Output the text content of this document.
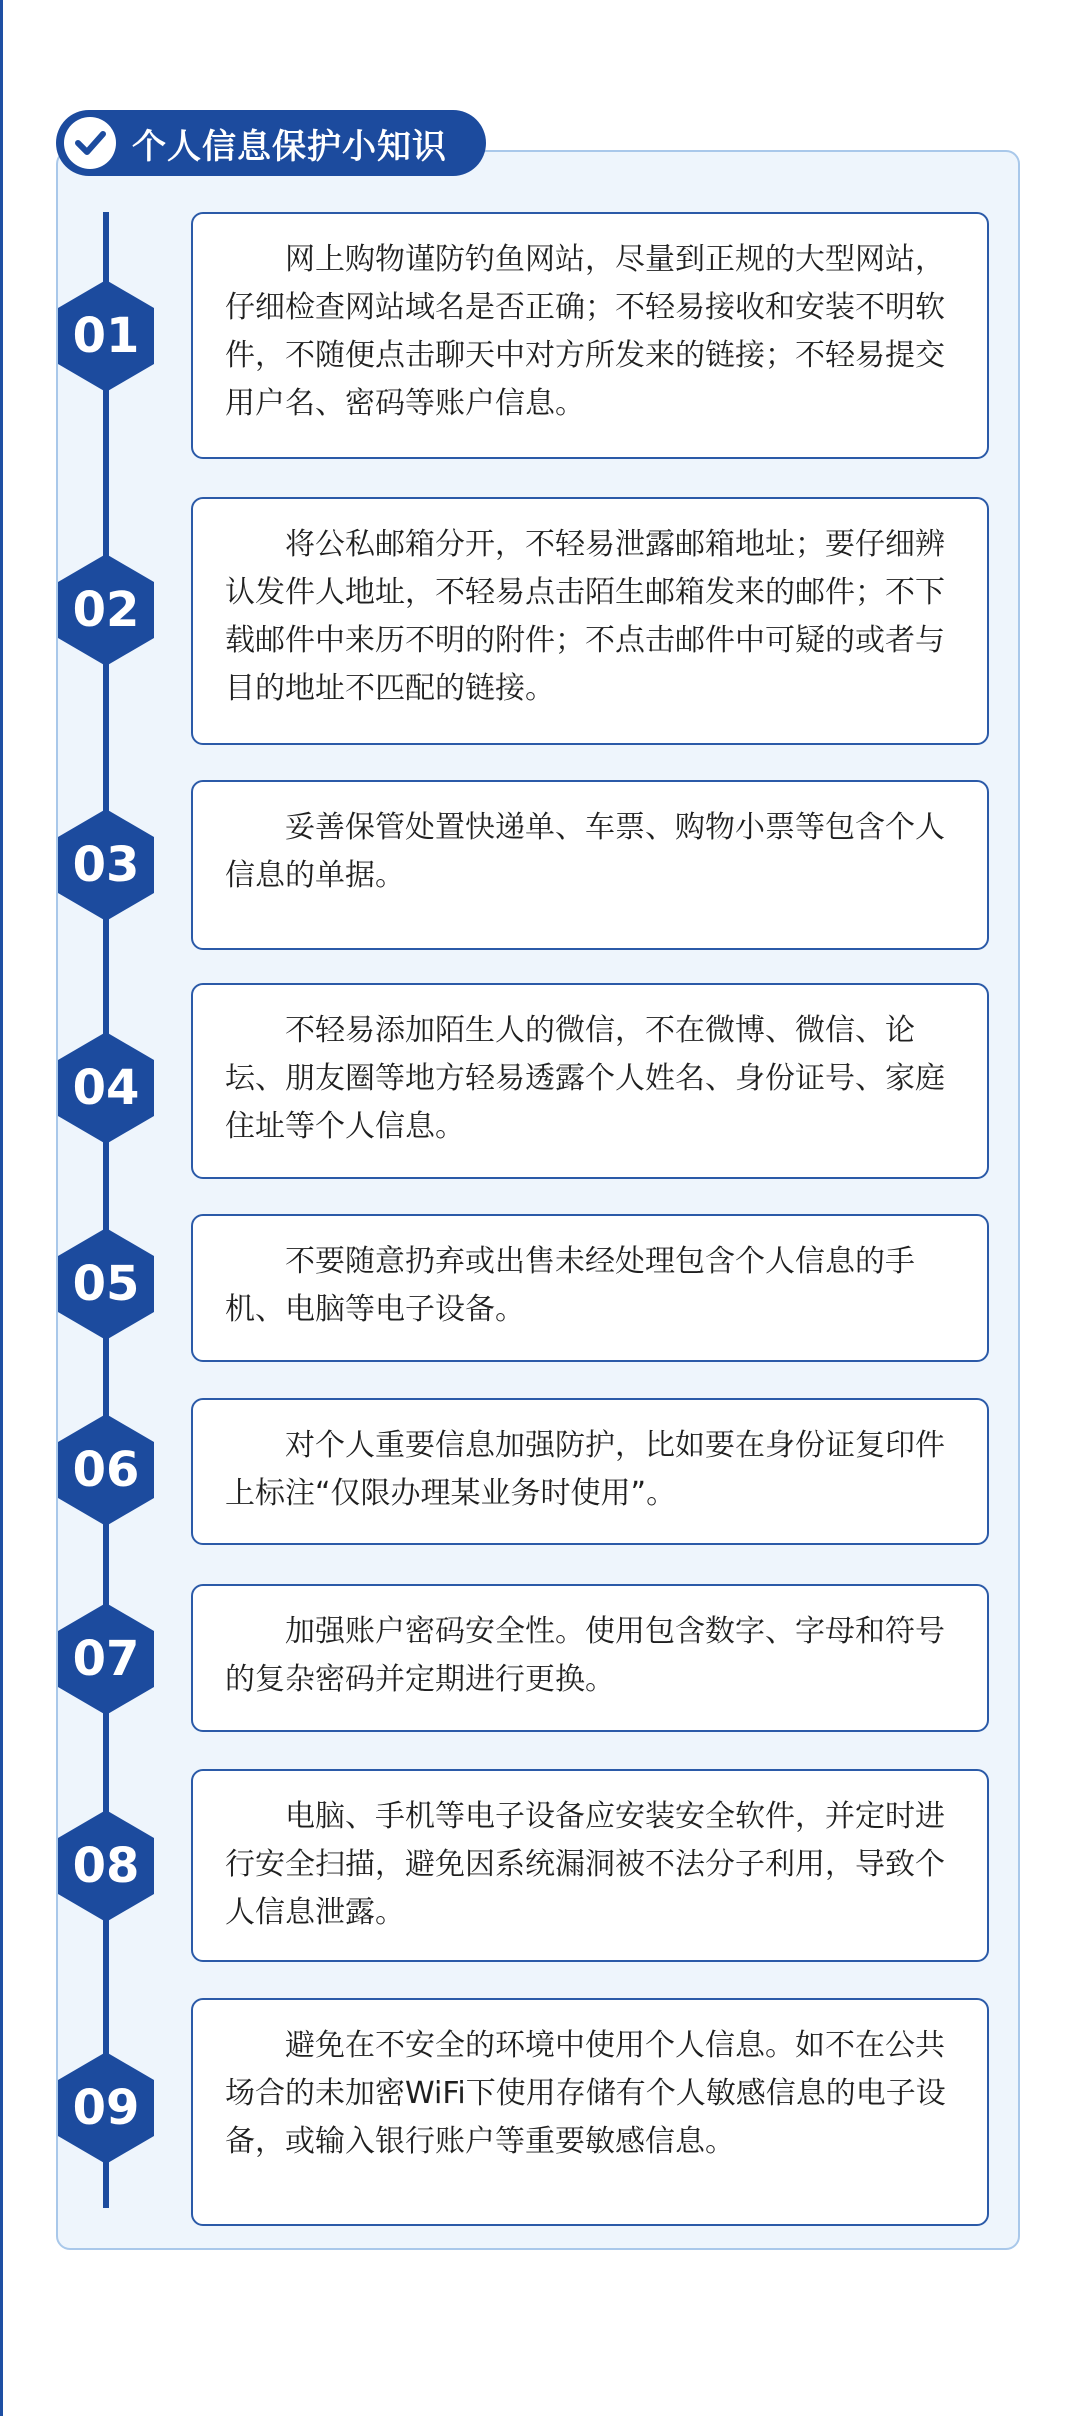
个人信息保护小知识
01
网上购物谨防钓鱼网站，尽量到正规的大型网站，仔细检查网站域名是否正确；不轻易接收和安装不明软件，不随便点击聊天中对方所发来的链接；不轻易提交用户名、密码等账户信息。
02
将公私邮箱分开，不轻易泄露邮箱地址；要仔细辨认发件人地址，不轻易点击陌生邮箱发来的邮件；不下载邮件中来历不明的附件；不点击邮件中可疑的或者与目的地址不匹配的链接。
03
妥善保管处置快递单、车票、购物小票等包含个人信息的单据。
04
不轻易添加陌生人的微信，不在微博、微信、论坛、朋友圈等地方轻易透露个人姓名、身份证号、家庭住址等个人信息。
05	不要随意扔弃或出售未经处理包含个人信息的手机、电脑等电子设备。
06	对个人重要信息加强防护，比如要在身份证复印件上标注“仅限办理某业务时使用”。
07	加强账户密码安全性。使用包含数字、字母和符号的复杂密码并定期进行更换。
08
电脑、手机等电子设备应安装安全软件，并定时进行安全扫描，避免因系统漏洞被不法分子利用，导致个人信息泄露。
09
避免在不安全的环境中使用个人信息。如不在公共场合的未加密WiFi下使用存储有个人敏感信息的电子设备，或输入银行账户等重要敏感信息。
